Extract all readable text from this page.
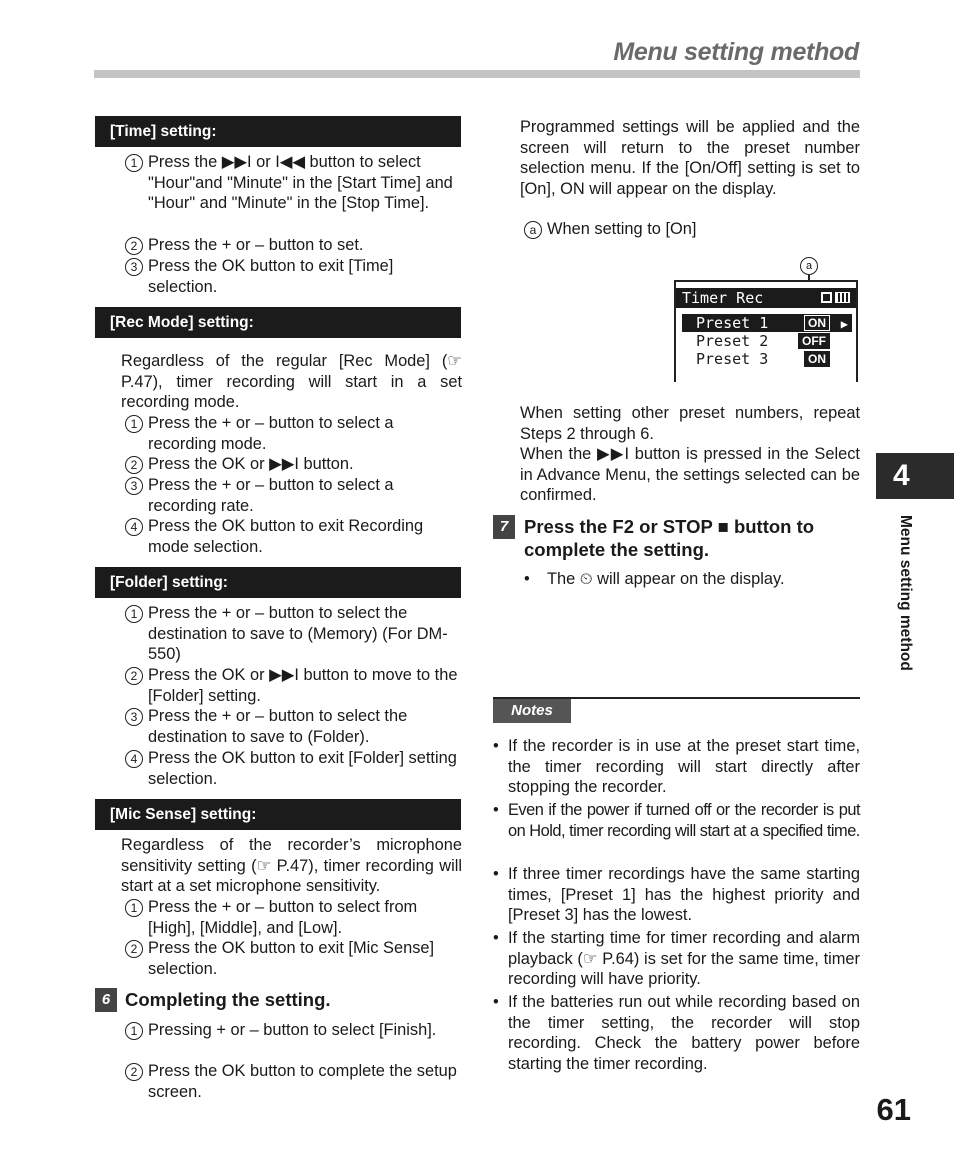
Menu setting method
[Time] setting:
1 Press the ▶▶I or I◀◀ button to select "Hour"and "Minute" in the [Start Time] and "Hour" and "Minute" in the [Stop Time].
2 Press the + or – button to set.
3 Press the OK button to exit [Time] selection.
[Rec Mode] setting:
Regardless of the regular [Rec Mode] (☞ P.47), timer recording will start in a set recording mode.
1 Press the + or – button to select a recording mode.
2 Press the OK or ▶▶I button.
3 Press the + or – button to select a recording rate.
4 Press the OK button to exit Recording mode selection.
[Folder] setting:
1 Press the + or – button to select the destination to save to (Memory) (For DM-550)
2 Press the OK or ▶▶I button to move to the [Folder] setting.
3 Press the + or – button to select the destination to save to (Folder).
4 Press the OK button to exit [Folder] setting selection.
[Mic Sense] setting:
Regardless of the recorder’s microphone sensitivity setting (☞ P.47), timer recording will start at a set microphone sensitivity.
1 Press the + or – button to select from [High], [Middle], and [Low].
2 Press the OK button to exit [Mic Sense] selection.
6 Completing the setting.
1 Pressing + or – button to select [Finish].
2 Press the OK button to complete the setup screen.
Programmed settings will be applied and the screen will return to the preset number selection menu. If the [On/Off] setting is set to [On], ON will appear on the display.
a When setting to [On]
a
Timer Rec
Preset 1	ON	▶
Preset 2	OFF
Preset 3	ON
When setting other preset numbers, repeat Steps 2 through 6.
When the ▶▶I button is pressed in the Select in Advance Menu, the settings selected can be confirmed.
7 Press the F2 or STOP ■ button to complete the setting.
• The ⏲ will appear on the display.
Notes
• If the recorder is in use at the preset start time, the timer recording will start directly after stopping the recorder.
• Even if the power if turned off or the recorder is put on Hold, timer recording will start at a specified time.
• If three timer recordings have the same starting times, [Preset 1] has the highest priority and [Preset 3] has the lowest.
• If the starting time for timer recording and alarm playback (☞ P.64) is set for the same time, timer recording will have priority.
• If the batteries run out while recording based on the timer setting, the recorder will stop recording. Check the battery power before starting the timer recording.
4
Menu setting method
61
